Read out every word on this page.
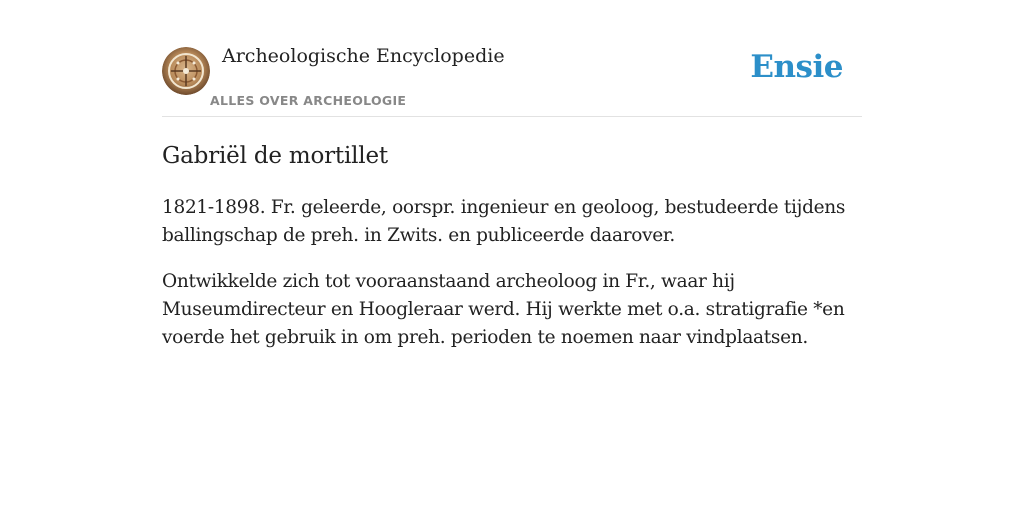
Archeologische Encyclopedie
ALLES OVER ARCHEOLOGIE
Ensie
Gabriël de mortillet

1821-1898. Fr. geleerde, oorspr. ingenieur en geoloog, bestudeerde tijdens ballingschap de preh. in Zwits. en publiceerde daarover.

Ontwikkelde zich tot vooraanstaand archeoloog in Fr., waar hij Museumdirecteur en Hoogleraar werd. Hij werkte met o.a. stratigrafie *en voerde het gebruik in om preh. perioden te noemen naar vindplaatsen.
